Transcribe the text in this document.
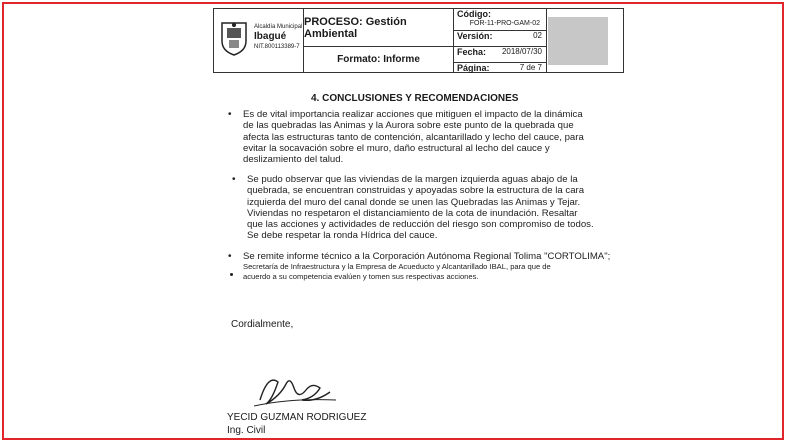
Alcaldía Municipal
Ibagué
NIT.800113389-7
PROCESO: Gestión Ambiental
Formato: Informe
Código:
FOR-11-PRO-GAM-02
Versión:	02
Fecha: 2018/07/30
Página:	7 de 7
4. CONCLUSIONES Y RECOMENDACIONES
• Es de vital importancia realizar acciones que mitiguen el impacto de la dinámica
de las quebradas las Animas y la Aurora sobre este punto de la quebrada que
afecta las estructuras tanto de contención, alcantarillado y lecho del cauce, para
evitar la socavación sobre el muro, daño estructural al lecho del cauce y
deslizamiento del talud.
• Se pudo observar que las viviendas de la margen izquierda aguas abajo de la
quebrada, se encuentran construidas y apoyadas sobre la estructura de la cara
izquierda del muro del canal donde se unen las Quebradas las Animas y Tejar.
Viviendas no respetaron el distanciamiento de la cota de inundación. Resaltar
que las acciones y actividades de reducción del riesgo son compromiso de todos.
Se debe respetar la ronda Hídrica del cauce.
• Se remite informe técnico a la Corporación Autónoma Regional Tolima "CORTOLIMA";
Secretaría de Infraestructura y la Empresa de Acueducto y Alcantarillado IBAL, para que de
acuerdo a su competencia evalúen y tomen sus respectivas acciones.
Cordialmente,
YECID GUZMAN RODRIGUEZ
Ing. Civil
